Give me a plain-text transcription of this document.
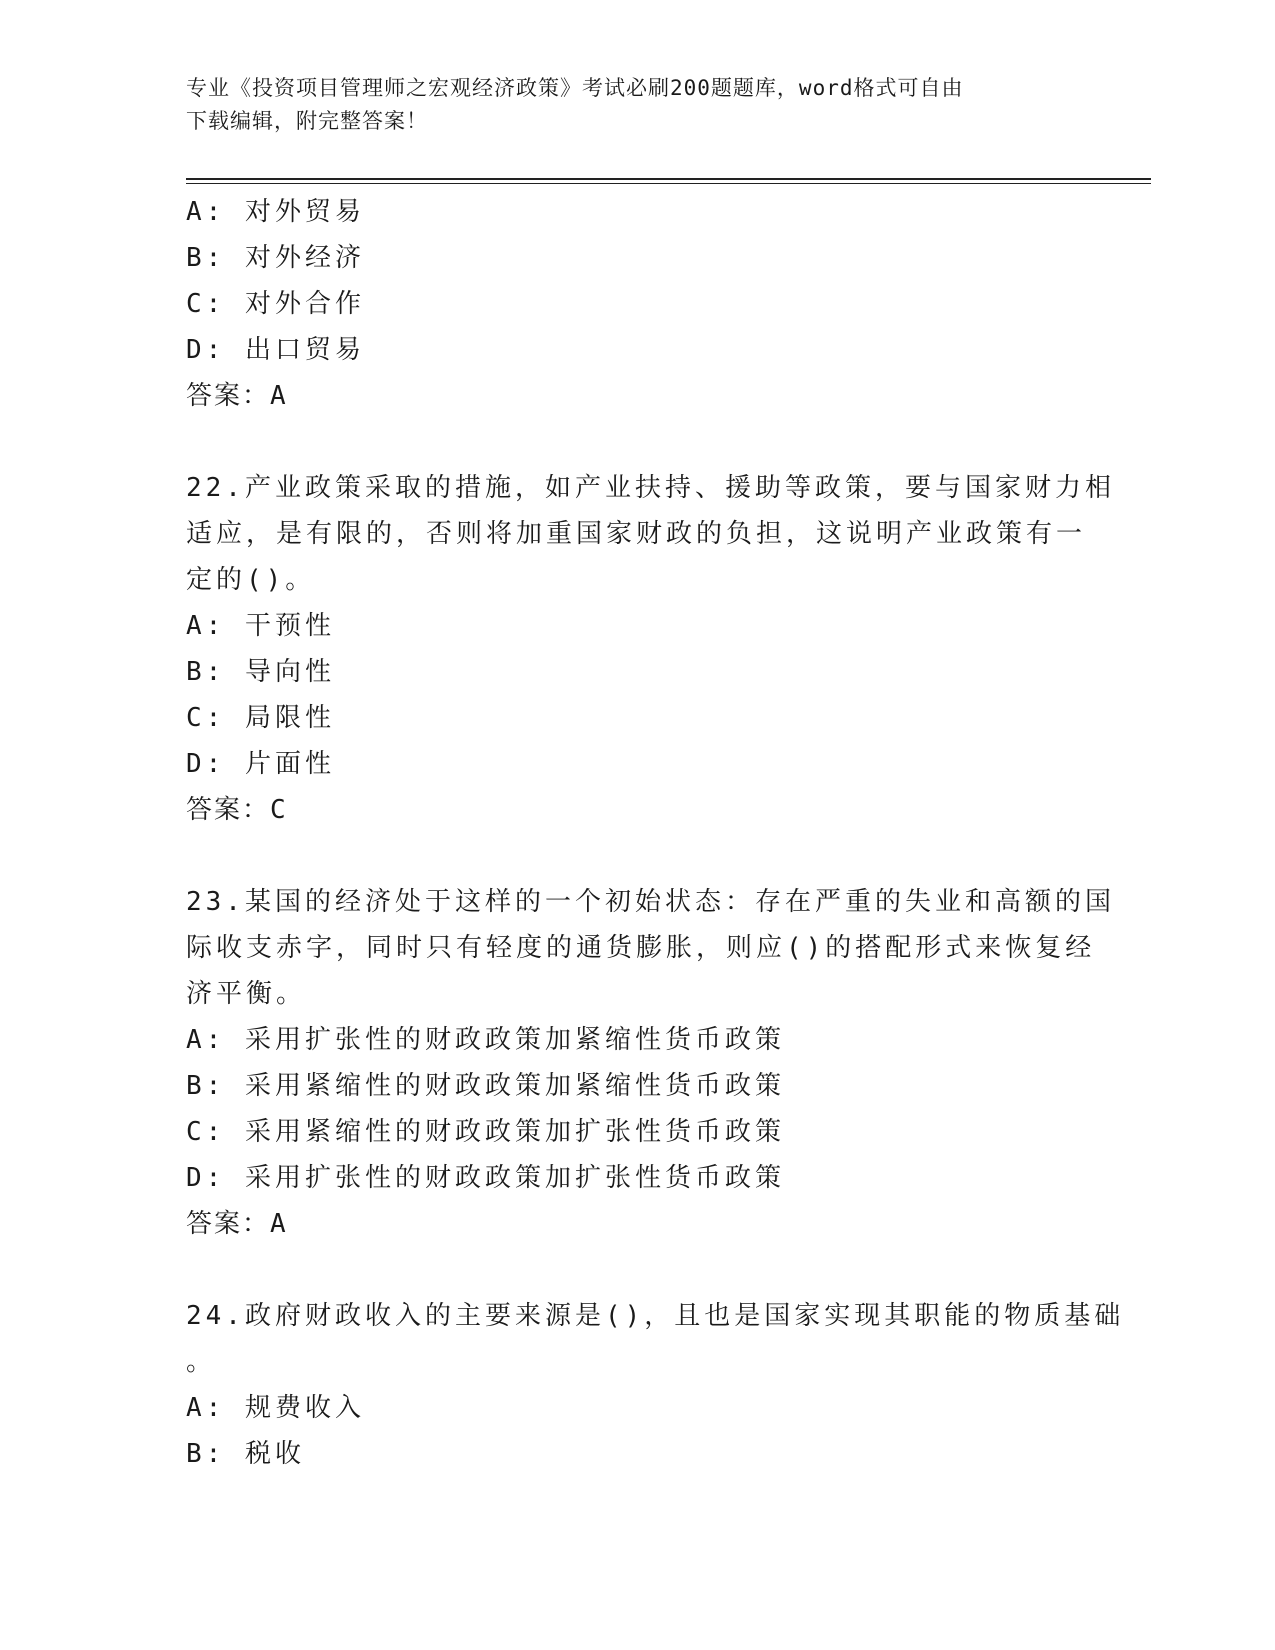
专业《投资项目管理师之宏观经济政策》考试必刷200题题库，word格式可自由
下载编辑，附完整答案！
A: 对外贸易
B: 对外经济
C: 对外合作
D: 出口贸易
答案：A
22.产业政策采取的措施，如产业扶持、援助等政策，要与国家财力相
适应，是有限的，否则将加重国家财政的负担，这说明产业政策有一
定的()。
A: 干预性
B: 导向性
C: 局限性
D: 片面性
答案：C
23.某国的经济处于这样的一个初始状态：存在严重的失业和高额的国
际收支赤字，同时只有轻度的通货膨胀，则应()的搭配形式来恢复经
济平衡。
A: 采用扩张性的财政政策加紧缩性货币政策
B: 采用紧缩性的财政政策加紧缩性货币政策
C: 采用紧缩性的财政政策加扩张性货币政策
D: 采用扩张性的财政政策加扩张性货币政策
答案：A
24.政府财政收入的主要来源是()，且也是国家实现其职能的物质基础
。
A: 规费收入
B: 税收
